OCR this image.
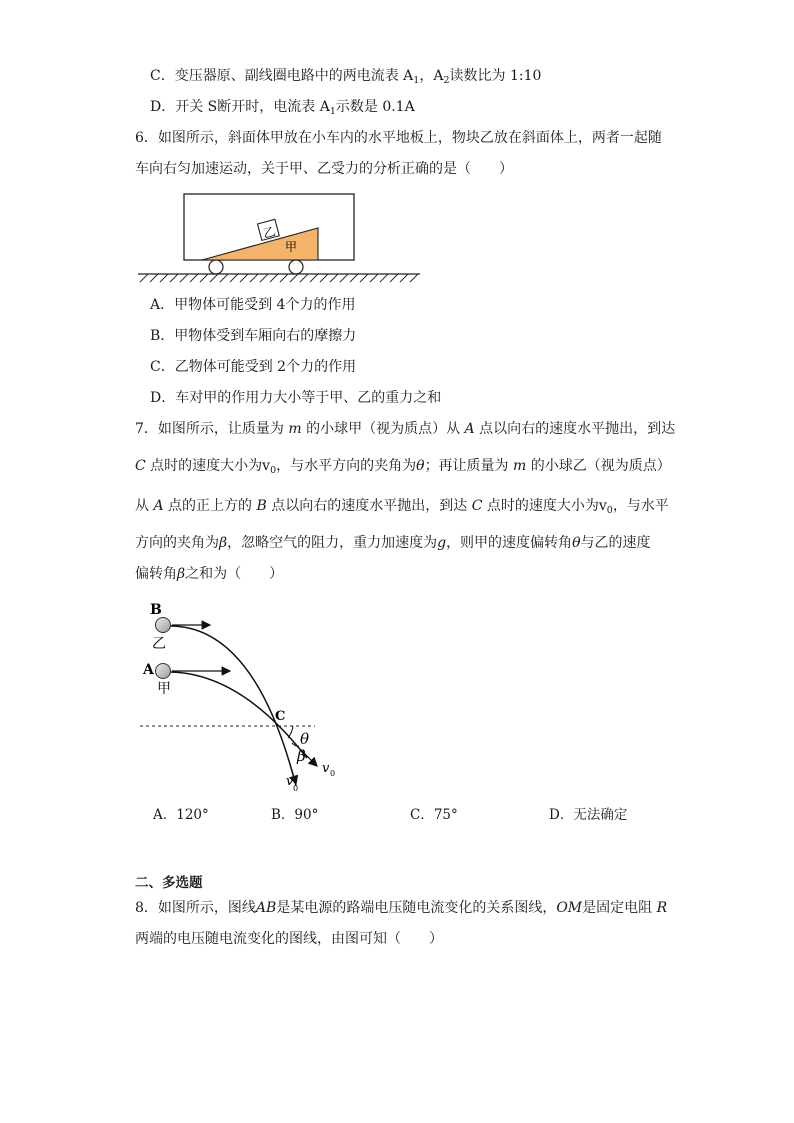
C．变压器原、副线圈电路中的两电流表 $A_1$，$A_2$读数比为 1:10
D．开关 S断开时，电流表 $A_1$示数是 0.1A
6．如图所示，斜面体甲放在小车内的水平地板上，物块乙放在斜面体上，两者一起随
车向右匀加速运动，关于甲、乙受力的分析正确的是（　　）
乙
甲
A．甲物体可能受到 4个力的作用
B．甲物体受到车厢向右的摩擦力
C．乙物体可能受到 2个力的作用
D．车对甲的作用力大小等于甲、乙的重力之和
7．如图所示，让质量为 m 的小球甲（视为质点）从 A 点以向右的速度水平抛出，到达
C 点时的速度大小为$v_0$，与水平方向的夹角为θ；再让质量为 m 的小球乙（视为质点）
从 A 点的正上方的 B 点以向右的速度水平抛出，到达 C 点时的速度大小为$v_0$，与水平
方向的夹角为β，忽略空气的阻力，重力加速度为g，则甲的速度偏转角θ与乙的速度
偏转角β之和为（　　）
B
乙
A
甲
C
θ
β
v 0
v 0
A．120°	B．90°	C．75°	D．无法确定
二、多选题
8．如图所示，图线AB是某电源的路端电压随电流变化的关系图线，OM是固定电阻 R
两端的电压随电流变化的图线，由图可知（　　）
